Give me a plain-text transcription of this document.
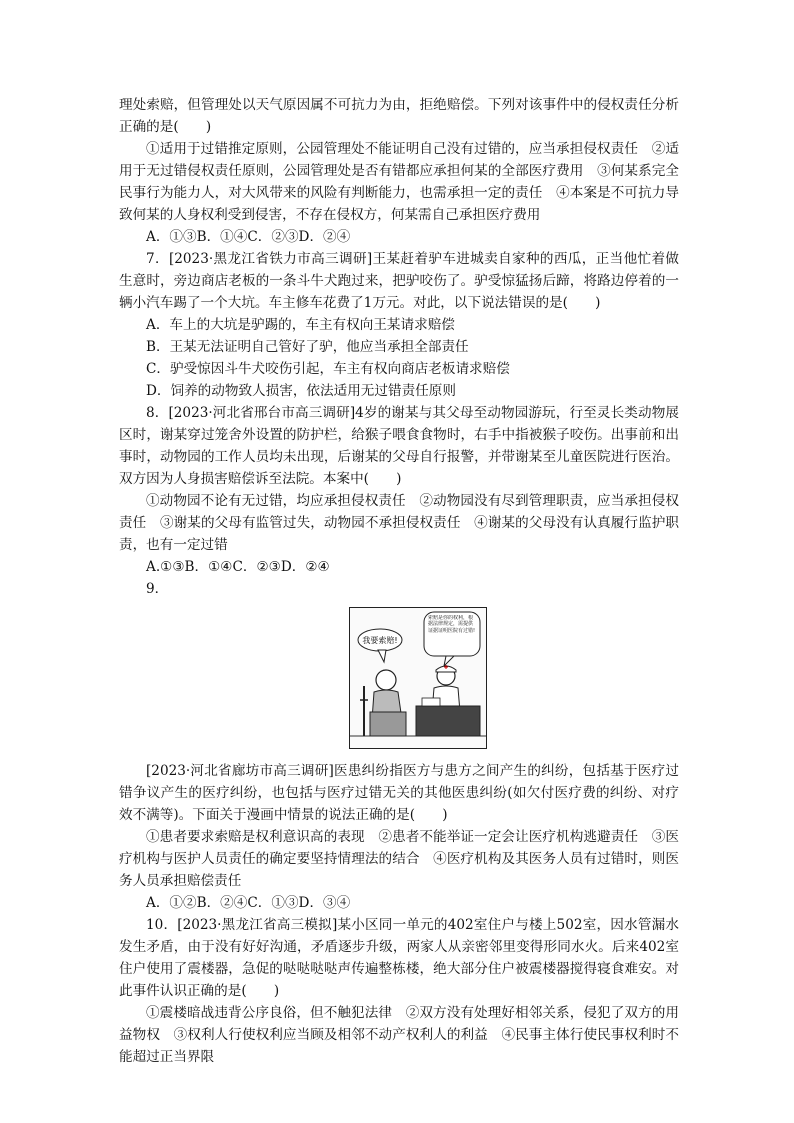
理处索赔，但管理处以天气原因属不可抗力为由，拒绝赔偿。下列对该事件中的侵权责任分析正确的是(　　)

①适用于过错推定原则，公园管理处不能证明自己没有过错的，应当承担侵权责任　②适用于无过错侵权责任原则，公园管理处是否有错都应承担何某的全部医疗费用　③何某系完全民事行为能力人，对大风带来的风险有判断能力，也需承担一定的责任　④本案是不可抗力导致何某的人身权利受到侵害，不存在侵权方，何某需自己承担医疗费用

A．①③B．①④C．②③D．②④

7．[2023·黑龙江省铁力市高三调研]王某赶着驴车进城卖自家种的西瓜，正当他忙着做生意时，旁边商店老板的一条斗牛犬跑过来，把驴咬伤了。驴受惊猛扬后蹄，将路边停着的一辆小汽车踢了一个大坑。车主修车花费了1万元。对此，以下说法错误的是(　　)

A．车上的大坑是驴踢的，车主有权向王某请求赔偿

B．王某无法证明自己管好了驴，他应当承担全部责任

C．驴受惊因斗牛犬咬伤引起，车主有权向商店老板请求赔偿

D．饲养的动物致人损害，依法适用无过错责任原则

8．[2023·河北省邢台市高三调研]4岁的谢某与其父母至动物园游玩，行至灵长类动物展区时，谢某穿过笼舍外设置的防护栏，给猴子喂食食物时，右手中指被猴子咬伤。出事前和出事时，动物园的工作人员均未出现，后谢某的父母自行报警，并带谢某至儿童医院进行医治。双方因为人身损害赔偿诉至法院。本案中(　　)

①动物园不论有无过错，均应承担侵权责任　②动物园没有尽到管理职责，应当承担侵权责任　③谢某的父母有监管过失，动物园不承担侵权责任　④谢某的父母没有认真履行监护职责，也有一定过错

A.①③B．①④C．②③D．②④

9．

我要索赔!
索赔是你的权利，根据法律规定，需提供证据证明医院有过错!

[2023·河北省廊坊市高三调研]医患纠纷指医方与患方之间产生的纠纷，包括基于医疗过错争议产生的医疗纠纷，也包括与医疗过错无关的其他医患纠纷(如欠付医疗费的纠纷、对疗效不满等)。下面关于漫画中情景的说法正确的是(　　)

①患者要求索赔是权利意识高的表现　②患者不能举证一定会让医疗机构逃避责任　③医疗机构与医护人员责任的确定要坚持情理法的结合　④医疗机构及其医务人员有过错时，则医务人员承担赔偿责任

A．①②B．②④C．①③D．③④

10．[2023·黑龙江省高三模拟]某小区同一单元的402室住户与楼上502室，因水管漏水发生矛盾，由于没有好好沟通，矛盾逐步升级，两家人从亲密邻里变得形同水火。后来402室住户使用了震楼器，急促的哒哒哒哒声传遍整栋楼，绝大部分住户被震楼器搅得寝食难安。对此事件认识正确的是(　　)

①震楼暗战违背公序良俗，但不触犯法律　②双方没有处理好相邻关系，侵犯了双方的用益物权　③权利人行使权利应当顾及相邻不动产权利人的利益　④民事主体行使民事权利时不能超过正当界限
